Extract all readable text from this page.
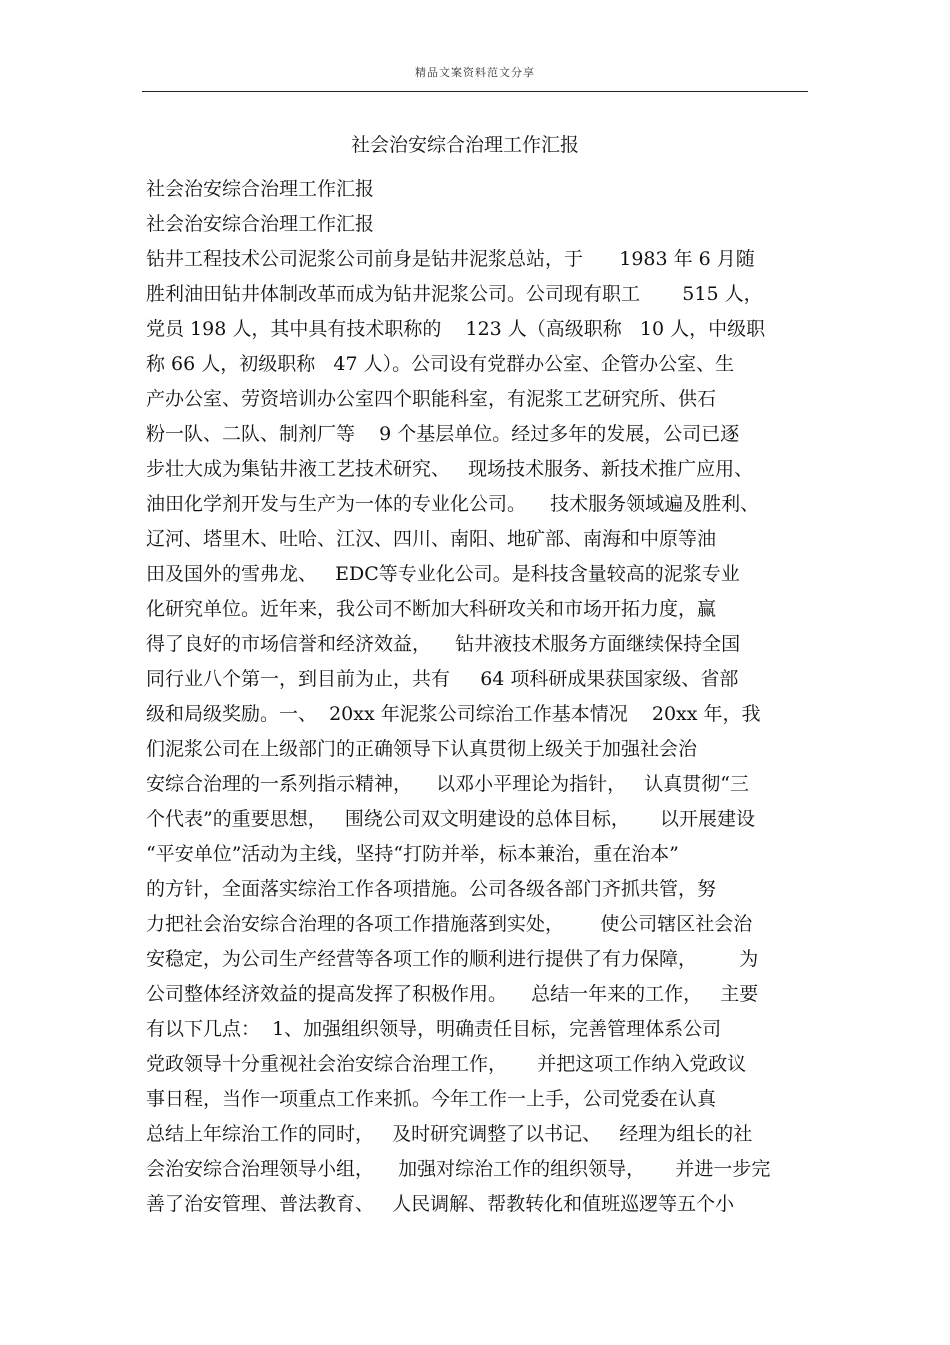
精品文案资料范文分享
社会治安综合治理工作汇报
社会治安综合治理工作汇报
社会治安综合治理工作汇报
钻井工程技术公司泥浆公司前身是钻井泥浆总站，于      1983 年 6 月随
胜利油田钻井体制改革而成为钻井泥浆公司。公司现有职工       515 人，
党员 198 人，其中具有技术职称的    123 人（高级职称   10 人，中级职
称 66 人，初级职称   47 人）。公司设有党群办公室、企管办公室、生
产办公室、劳资培训办公室四个职能科室，有泥浆工艺研究所、供石
粉一队、二队、制剂厂等    9 个基层单位。经过多年的发展，公司已逐
步壮大成为集钻井液工艺技术研究、   现场技术服务、新技术推广应用、
油田化学剂开发与生产为一体的专业化公司。    技术服务领域遍及胜利、
辽河、塔里木、吐哈、江汉、四川、南阳、地矿部、南海和中原等油
田及国外的雪弗龙、   EDC等专业化公司。是科技含量较高的泥浆专业
化研究单位。近年来，我公司不断加大科研攻关和市场开拓力度，赢
得了良好的市场信誉和经济效益，    钻井液技术服务方面继续保持全国
同行业八个第一，到目前为止，共有     64 项科研成果获国家级、省部
级和局级奖励。一、  20xx 年泥浆公司综治工作基本情况    20xx 年，我
们泥浆公司在上级部门的正确领导下认真贯彻上级关于加强社会治
安综合治理的一系列指示精神，    以邓小平理论为指针，   认真贯彻“三
个代表”的重要思想，   围绕公司双文明建设的总体目标，     以开展建设
“平安单位”活动为主线，坚持“打防并举，标本兼治，重在治本”
的方针，全面落实综治工作各项措施。公司各级各部门齐抓共管，努
力把社会治安综合治理的各项工作措施落到实处，      使公司辖区社会治
安稳定，为公司生产经营等各项工作的顺利进行提供了有力保障，       为
公司整体经济效益的提高发挥了积极作用。    总结一年来的工作，   主要
有以下几点：  1、加强组织领导，明确责任目标，完善管理体系公司
党政领导十分重视社会治安综合治理工作，     并把这项工作纳入党政议
事日程，当作一项重点工作来抓。今年工作一上手，公司党委在认真
总结上年综治工作的同时，   及时研究调整了以书记、   经理为组长的社
会治安综合治理领导小组，    加强对综治工作的组织领导，     并进一步完
善了治安管理、普法教育、   人民调解、帮教转化和值班巡逻等五个小
